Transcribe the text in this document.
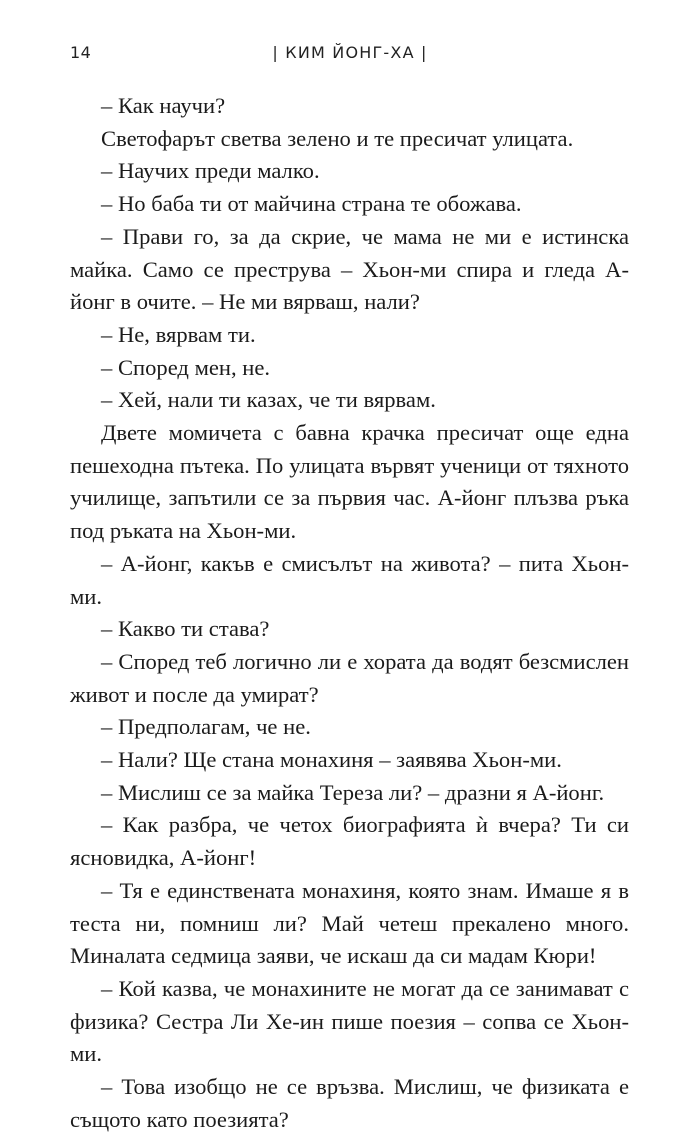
14	| КИМ ЙОНГ-ХА |

– Как научи?

Светофарът светва зелено и те пресичат улицата.

– Научих преди малко.

– Но баба ти от майчина страна те обожава.

– Прави го, за да скрие, че мама не ми е истинска майка. Само се преструва – Хьон-ми спира и гледа А-йонг в очите. – Не ми вярваш, нали?

– Не, вярвам ти.

– Според мен, не.

– Хей, нали ти казах, че ти вярвам.

Двете момичета с бавна крачка пресичат още една пешеходна пътека. По улицата вървят ученици от тяхното училище, запътили се за първия час. А-йонг плъзва ръка под ръката на Хьон-ми.

– А-йонг, какъв е смисълът на живота? – пита Хьон-ми.

– Какво ти става?

– Според теб логично ли е хората да водят безсмислен живот и после да умират?

– Предполагам, че не.

– Нали? Ще стана монахиня – заявява Хьон-ми.

– Мислиш се за майка Тереза ли? – дразни я А-йонг.

– Как разбра, че четох биографията ѝ вчера? Ти си ясновидка, А-йонг!

– Тя е единствената монахиня, която знам. Имаше я в теста ни, помниш ли? Май четеш прекалено много. Миналата седмица заяви, че искаш да си мадам Кюри!

– Кой казва, че монахините не могат да се занимават с физика? Сестра Ли Хе-ин пише поезия – сопва се Хьон-ми.

– Това изобщо не се връзва. Мислиш, че физиката е същото като поезията?
